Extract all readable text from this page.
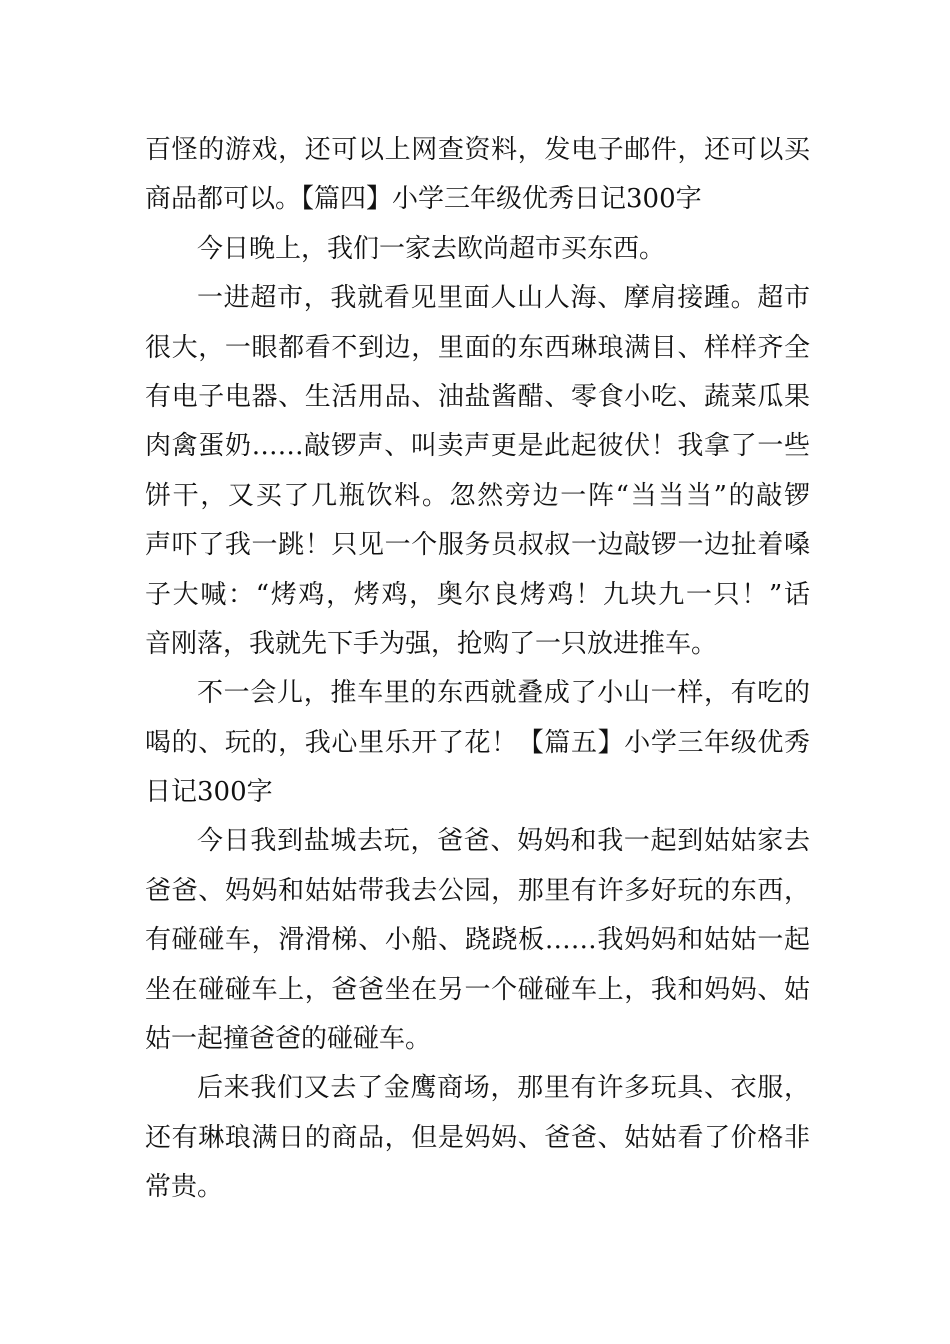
百怪的游戏，还可以上网查资料，发电子邮件，还可以买
商品都可以。【篇四】小学三年级优秀日记300字
今日晚上，我们一家去欧尚超市买东西。
一进超市，我就看见里面人山人海、摩肩接踵。超市
很大，一眼都看不到边，里面的东西琳琅满目、样样齐全
有电子电器、生活用品、油盐酱醋、零食小吃、蔬菜瓜果
肉禽蛋奶……敲锣声、叫卖声更是此起彼伏！我拿了一些
饼干，又买了几瓶饮料。忽然旁边一阵“当当当”的敲锣
声吓了我一跳！只见一个服务员叔叔一边敲锣一边扯着嗓
子大喊：“烤鸡，烤鸡，奥尔良烤鸡！九块九一只！”话
音刚落，我就先下手为强，抢购了一只放进推车。
不一会儿，推车里的东西就叠成了小山一样，有吃的
喝的、玩的，我心里乐开了花！【篇五】小学三年级优秀
日记300字
今日我到盐城去玩，爸爸、妈妈和我一起到姑姑家去
爸爸、妈妈和姑姑带我去公园，那里有许多好玩的东西，
有碰碰车，滑滑梯、小船、跷跷板……我妈妈和姑姑一起
坐在碰碰车上，爸爸坐在另一个碰碰车上，我和妈妈、姑
姑一起撞爸爸的碰碰车。
后来我们又去了金鹰商场，那里有许多玩具、衣服，
还有琳琅满日的商品，但是妈妈、爸爸、姑姑看了价格非
常贵。
